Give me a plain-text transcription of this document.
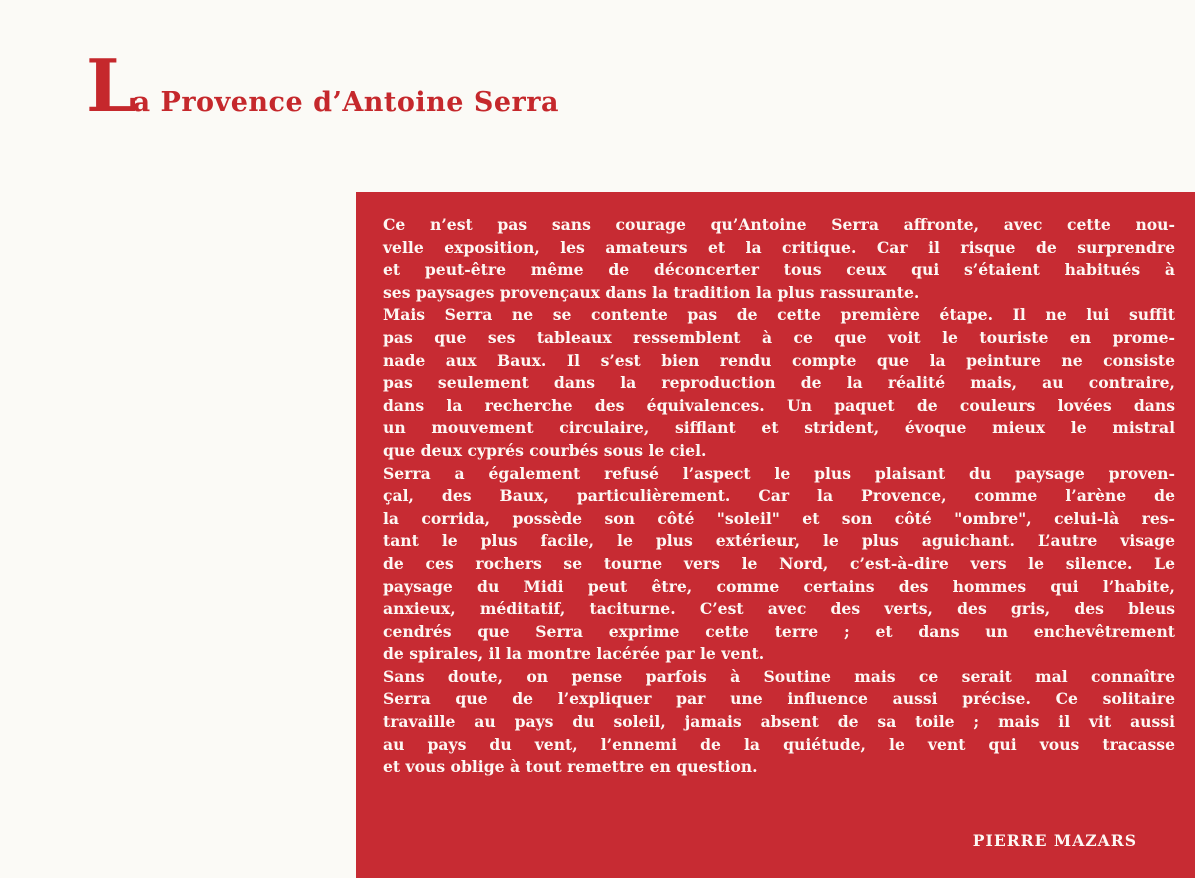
La Provence d’Antoine Serra

Ce n’est pas sans courage qu’Antoine Serra affronte, avec cette nou-
velle exposition, les amateurs et la critique. Car il risque de surprendre
et peut-être même de déconcerter tous ceux qui s’étaient habitués à
ses paysages provençaux dans la tradition la plus rassurante.
Mais Serra ne se contente pas de cette première étape. Il ne lui suffit
pas que ses tableaux ressemblent à ce que voit le touriste en prome-
nade aux Baux. Il s’est bien rendu compte que la peinture ne consiste
pas seulement dans la reproduction de la réalité mais, au contraire,
dans la recherche des équivalences. Un paquet de couleurs lovées dans
un mouvement circulaire, sifflant et strident, évoque mieux le mistral
que deux cyprés courbés sous le ciel.
Serra a également refusé l’aspect le plus plaisant du paysage proven-
çal, des Baux, particulièrement. Car la Provence, comme l’arène de
la corrida, possède son côté "soleil" et son côté "ombre", celui-là res-
tant le plus facile, le plus extérieur, le plus aguichant. L’autre visage
de ces rochers se tourne vers le Nord, c’est-à-dire vers le silence. Le
paysage du Midi peut être, comme certains des hommes qui l’habite,
anxieux, méditatif, taciturne. C’est avec des verts, des gris, des bleus
cendrés que Serra exprime cette terre ; et dans un enchevêtrement
de spirales, il la montre lacérée par le vent.
Sans doute, on pense parfois à Soutine mais ce serait mal connaître
Serra que de l’expliquer par une influence aussi précise. Ce solitaire
travaille au pays du soleil, jamais absent de sa toile ; mais il vit aussi
au pays du vent, l’ennemi de la quiétude, le vent qui vous tracasse
et vous oblige à tout remettre en question.

PIERRE MAZARS
